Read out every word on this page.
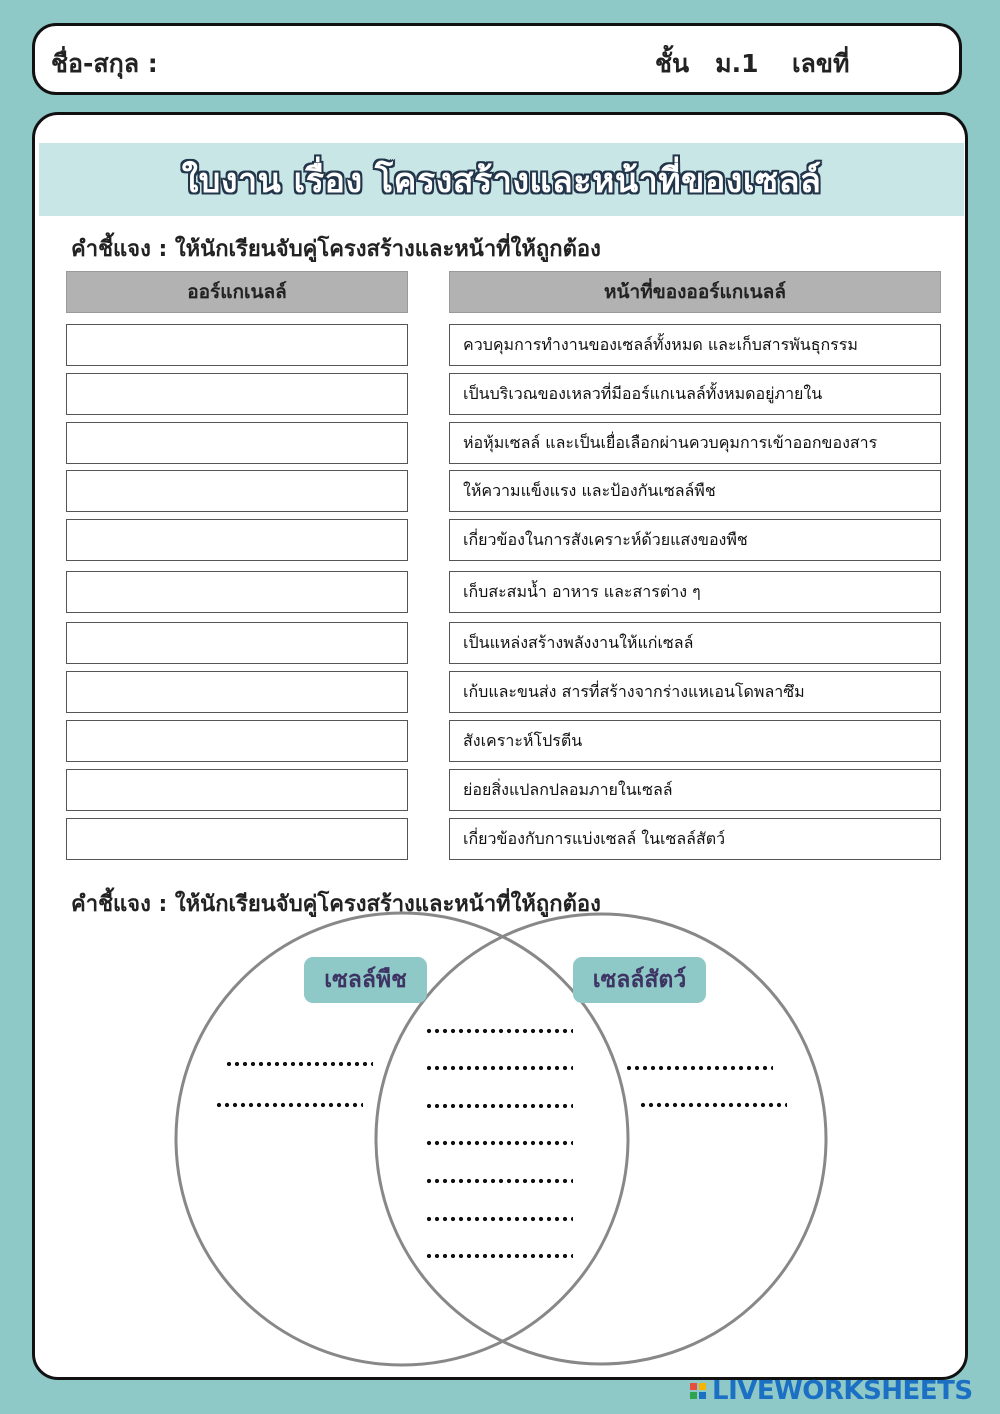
ชื่อ-สกุล :	ชั้น   ม.1 เลขที่
ใบงาน เรื่อง โครงสร้างและหน้าที่ของเซลล์
คำชี้แจง : ให้นักเรียนจับคู่โครงสร้างและหน้าที่ให้ถูกต้อง
ออร์แกเนลล์	หน้าที่ของออร์แกเนลล์
ควบคุมการทำงานของเซลล์ทั้งหมด และเก็บสารพันธุกรรม
เป็นบริเวณของเหลวที่มีออร์แกเนลล์ทั้งหมดอยู่ภายใน
ห่อหุ้มเซลล์ และเป็นเยื่อเลือกผ่านควบคุมการเข้าออกของสาร
ให้ความแข็งแรง และป้องกันเซลล์พืช
เกี่ยวข้องในการสังเคราะห์ด้วยแสงของพืช
เก็บสะสมน้ำ อาหาร และสารต่าง ๆ
เป็นแหล่งสร้างพลังงานให้แก่เซลล์
เก้บและขนส่ง สารที่สร้างจากร่างแหเอนโดพลาซึม
สังเคราะห์โปรตีน
ย่อยสิ่งแปลกปลอมภายในเซลล์
เกี่ยวข้องกับการแบ่งเซลล์ ในเซลล์สัตว์
คำชี้แจง : ให้นักเรียนจับคู่โครงสร้างและหน้าที่ให้ถูกต้อง
เซลล์พืช	เซลล์สัตว์
LIVEWORKSHEETS
